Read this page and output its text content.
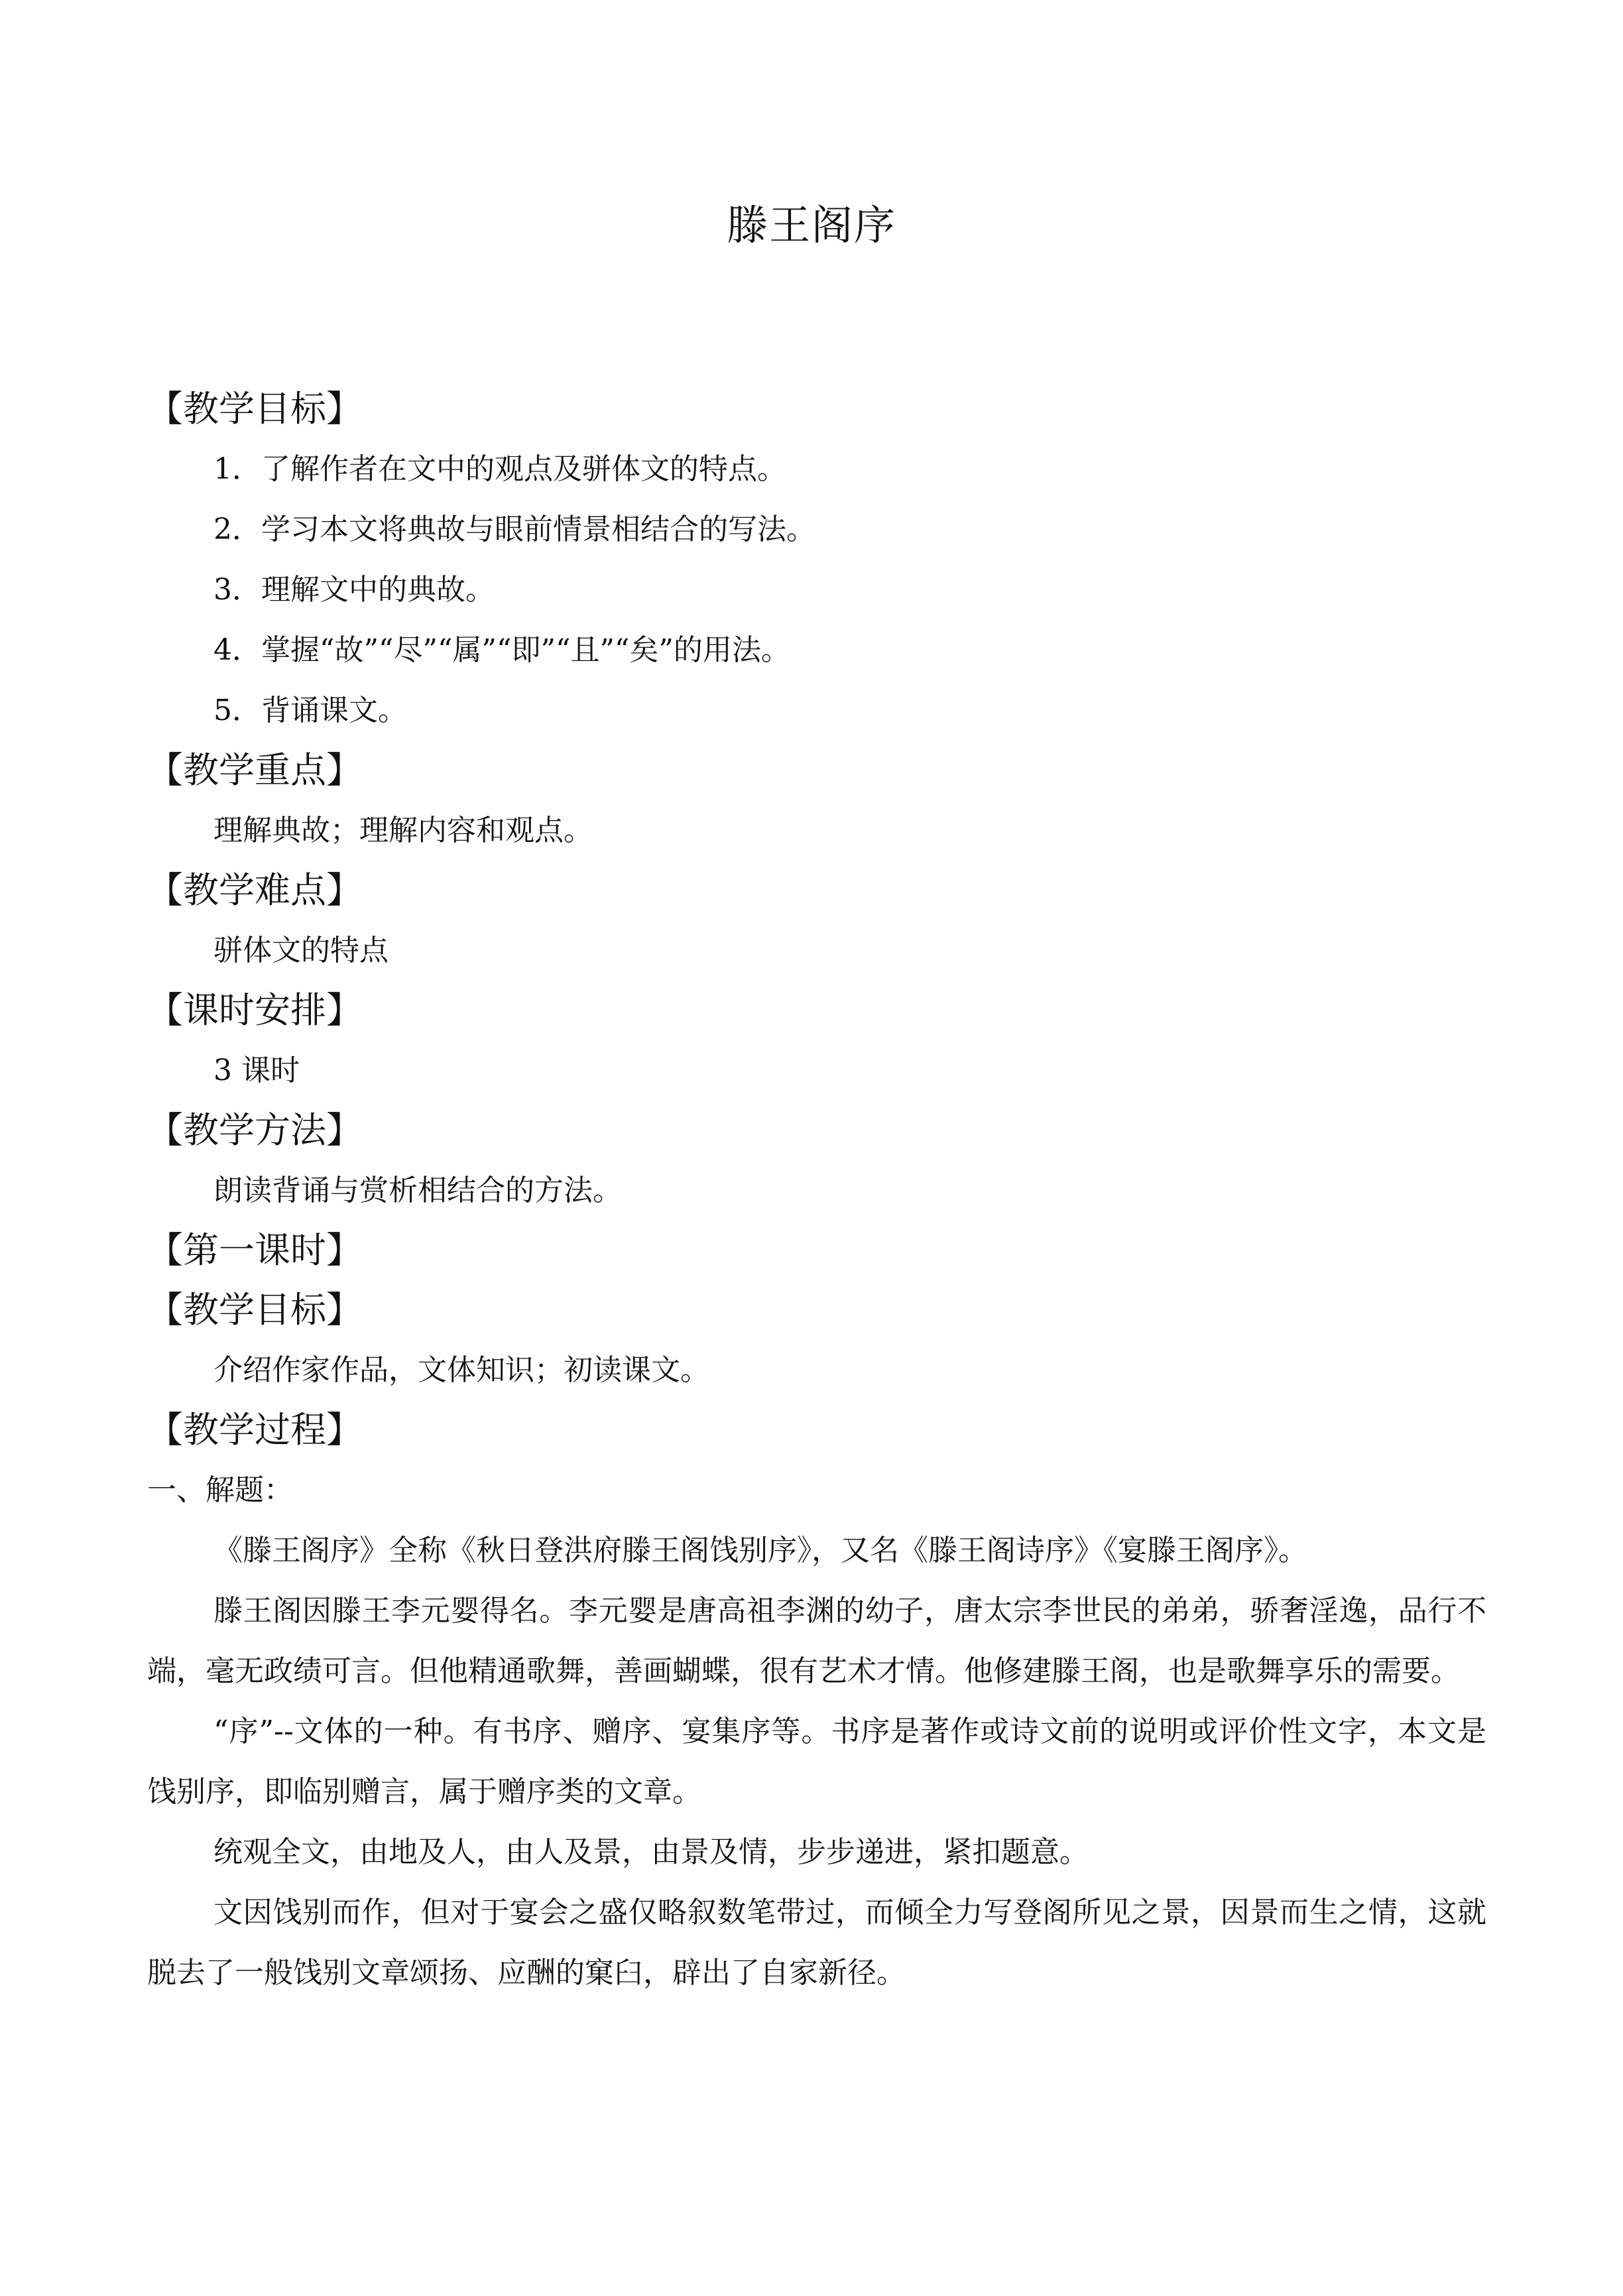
滕王阁序

【教学目标】

1．了解作者在文中的观点及骈体文的特点。

2．学习本文将典故与眼前情景相结合的写法。

3．理解文中的典故。

4．掌握“故”“尽”“属”“即”“且”“矣”的用法。

5．背诵课文。

【教学重点】

理解典故；理解内容和观点。

【教学难点】

骈体文的特点

【课时安排】

3 课时

【教学方法】

朗读背诵与赏析相结合的方法。

【第一课时】

【教学目标】

介绍作家作品，文体知识；初读课文。

【教学过程】

一、解题：

《滕王阁序》全称《秋日登洪府滕王阁饯别序》，又名《滕王阁诗序》《宴滕王阁序》。

滕王阁因滕王李元婴得名。李元婴是唐高祖李渊的幼子，唐太宗李世民的弟弟，骄奢淫逸，品行不端，毫无政绩可言。但他精通歌舞，善画蝴蝶，很有艺术才情。他修建滕王阁，也是歌舞享乐的需要。

“序”--文体的一种。有书序、赠序、宴集序等。书序是著作或诗文前的说明或评价性文字，本文是饯别序，即临别赠言，属于赠序类的文章。

统观全文，由地及人，由人及景，由景及情，步步递进，紧扣题意。

文因饯别而作，但对于宴会之盛仅略叙数笔带过，而倾全力写登阁所见之景，因景而生之情，这就脱去了一般饯别文章颂扬、应酬的窠臼，辟出了自家新径。
